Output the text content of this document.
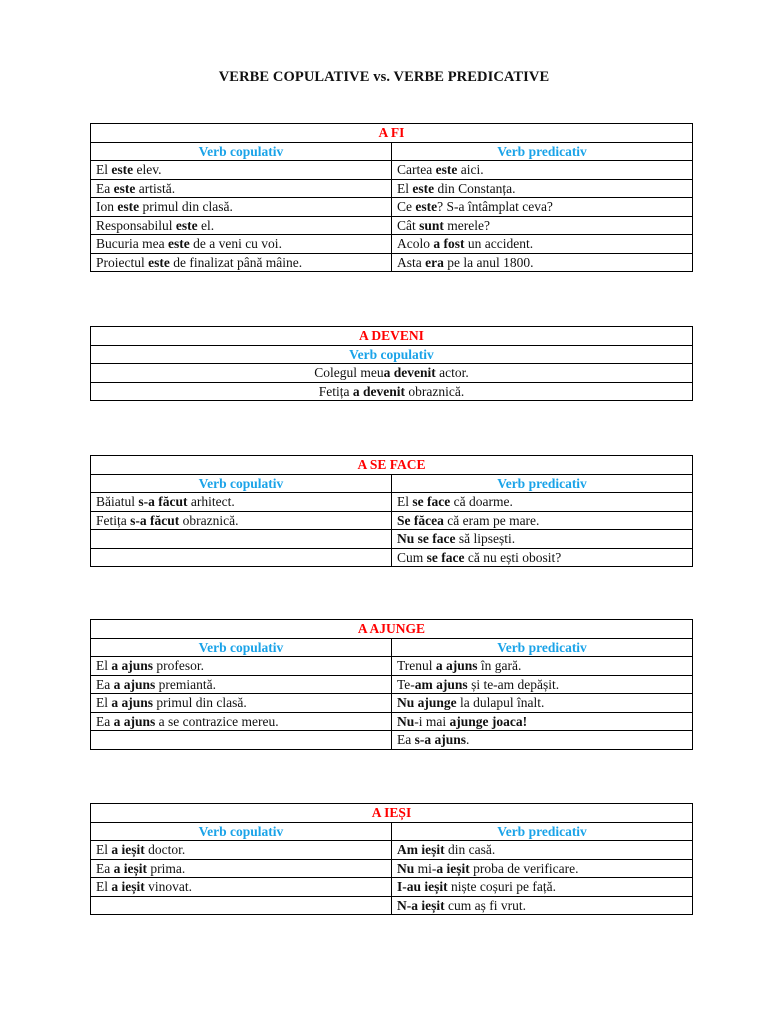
VERBE COPULATIVE vs. VERBE PREDICATIVE
A FI	
Verb copulativ	Verb predicativ
El este elev.	Cartea este aici.
Ea este artistă.	El este din Constanța.
Ion este primul din clasă.	Ce este? S-a întâmplat ceva?
Responsabilul este el.	Cât sunt merele?
Bucuria mea este de a veni cu voi.	Acolo a fost un accident.
Proiectul este de finalizat până mâine.	Asta era pe la anul 1800.
A DEVENI
Verb copulativ
Colegul meua devenit actor.
Fetița a devenit obraznică.
A SE FACE	
Verb copulativ	Verb predicativ
Băiatul s-a făcut arhitect.	El se face că doarme.
Fetița s-a făcut obraznică.	Se făcea că eram pe mare.
	Nu se face să lipsești.
	Cum se face că nu ești obosit?
A AJUNGE	
Verb copulativ	Verb predicativ
El a ajuns profesor.	Trenul a ajuns în gară.
Ea a ajuns premiantă.	Te-am ajuns și te-am depășit.
El a ajuns primul din clasă.	Nu ajunge la dulapul înalt.
Ea a ajuns a se contrazice mereu.	Nu-i mai ajunge joaca!
	Ea s-a ajuns.
A IEȘI	
Verb copulativ	Verb predicativ
El a ieșit doctor.	Am ieșit din casă.
Ea a ieșit prima.	Nu mi-a ieșit proba de verificare.
El a ieșit vinovat.	I-au ieșit niște coșuri pe față.
	N-a ieșit cum aș fi vrut.
